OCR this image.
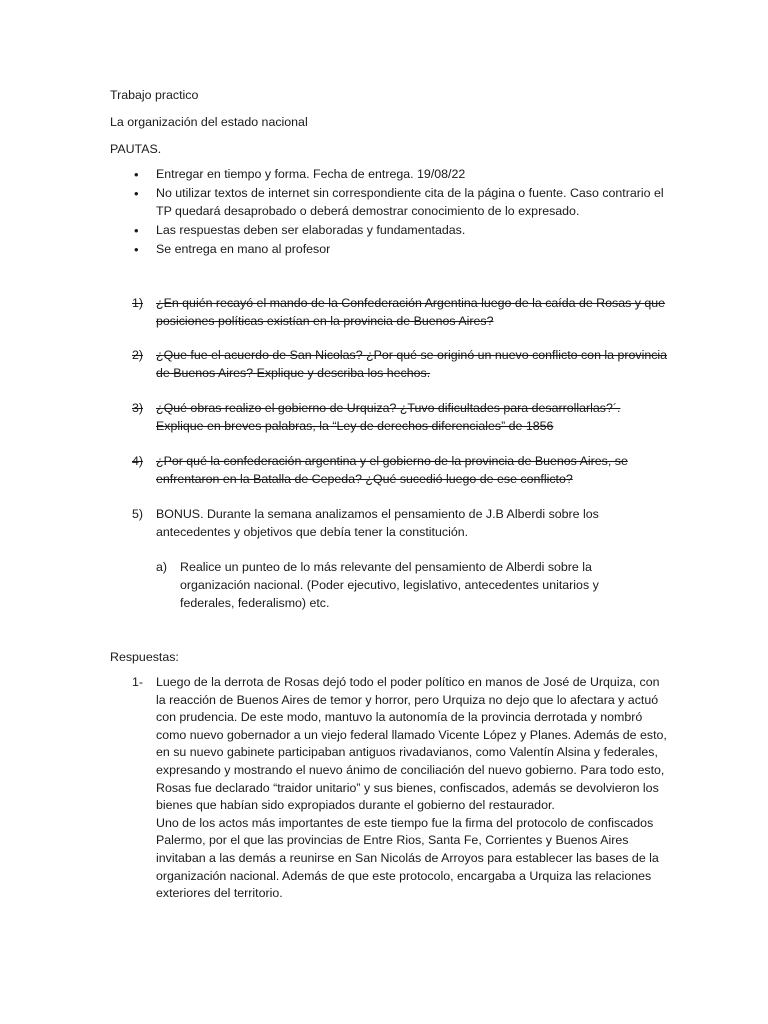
Trabajo practico
La organización del estado nacional
PAUTAS.
• Entregar en tiempo y forma. Fecha de entrega. 19/08/22
• No utilizar textos de internet sin correspondiente cita de la página o fuente. Caso contrario el TP quedará desaprobado o deberá demostrar conocimiento de lo expresado.
• Las respuestas deben ser elaboradas y fundamentadas.
• Se entrega en mano al profesor
1) ¿En quién recayó el mando de la Confederación Argentina luego de la caída de Rosas y que posiciones políticas existían en la provincia de Buenos Aires?
2) ¿Que fue el acuerdo de San Nicolas? ¿Por qué se originó un nuevo conflicto con la provincia de Buenos Aires? Explique y describa los hechos.
3) ¿Qué obras realizo el gobierno de Urquiza? ¿Tuvo dificultades para desarrollarlas?´. Explique en breves palabras, la “Ley de derechos diferenciales” de 1856
4) ¿Por qué la confederación argentina y el gobierno de la provincia de Buenos Aires, se enfrentaron en la Batalla de Cepeda? ¿Qué sucedió luego de ese conflicto?
5) BONUS. Durante la semana analizamos el pensamiento de J.B Alberdi sobre los antecedentes y objetivos que debía tener la constitución.
a) Realice un punteo de lo más relevante del pensamiento de Alberdi sobre la organización nacional. (Poder ejecutivo, legislativo, antecedentes unitarios y federales, federalismo) etc.
Respuestas:
1- Luego de la derrota de Rosas dejó todo el poder político en manos de José de Urquiza, con la reacción de Buenos Aires de temor y horror, pero Urquiza no dejo que lo afectara y actuó con prudencia. De este modo, mantuvo la autonomía de la provincia derrotada y nombró como nuevo gobernador a un viejo federal llamado Vicente López y Planes. Además de esto, en su nuevo gabinete participaban antiguos rivadavianos, como Valentín Alsina y federales, expresando y mostrando el nuevo ánimo de conciliación del nuevo gobierno. Para todo esto, Rosas fue declarado “traidor unitario” y sus bienes, confiscados, además se devolvieron los bienes que habían sido expropiados durante el gobierno del restaurador.

Uno de los actos más importantes de este tiempo fue la firma del protocolo de confiscados Palermo, por el que las provincias de Entre Rios, Santa Fe, Corrientes y Buenos Aires invitaban a las demás a reunirse en San Nicolás de Arroyos para establecer las bases de la organización nacional. Además de que este protocolo, encargaba a Urquiza las relaciones exteriores del territorio.
